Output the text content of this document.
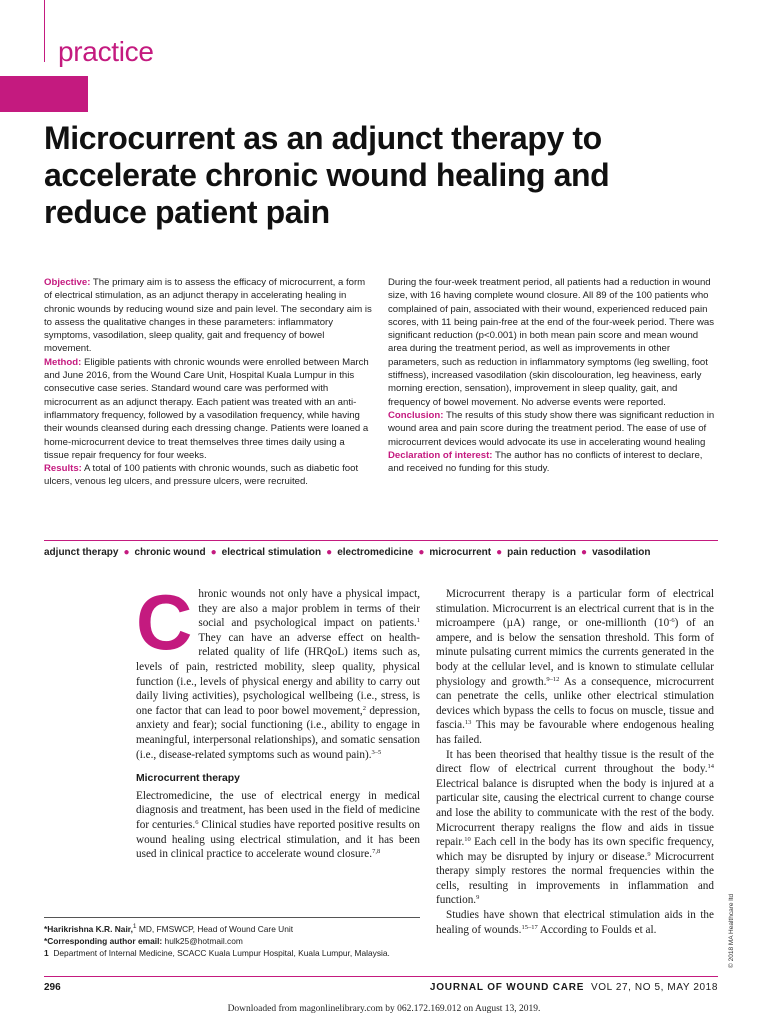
practice
Microcurrent as an adjunct therapy to accelerate chronic wound healing and reduce patient pain

Objective: The primary aim is to assess the efficacy of microcurrent, a form of electrical stimulation, as an adjunct therapy in accelerating healing in chronic wounds by reducing wound size and pain level. The secondary aim is to assess the qualitative changes in these parameters: inflammatory symptoms, vasodilation, sleep quality, gait and frequency of bowel movement.

Method: Eligible patients with chronic wounds were enrolled between March and June 2016, from the Wound Care Unit, Hospital Kuala Lumpur in this consecutive case series. Standard wound care was performed with microcurrent as an adjunct therapy. Each patient was treated with an anti-inflammatory frequency, followed by a vasodilation frequency, while having their wounds cleansed during each dressing change. Patients were loaned a home-microcurrent device to treat themselves three times daily using a tissue repair frequency for four weeks.

Results: A total of 100 patients with chronic wounds, such as diabetic foot ulcers, venous leg ulcers, and pressure ulcers, were recruited.

During the four-week treatment period, all patients had a reduction in wound size, with 16 having complete wound closure. All 89 of the 100 patients who complained of pain, associated with their wound, experienced reduced pain scores, with 11 being pain-free at the end of the four-week period. There was significant reduction (p<0.001) in both mean pain score and mean wound area during the treatment period, as well as improvements in other parameters, such as reduction in inflammatory symptoms (leg swelling, foot stiffness), increased vasodilation (skin discolouration, leg heaviness, early morning erection, sensation), improvement in sleep quality, gait, and frequency of bowel movement. No adverse events were reported.

Conclusion: The results of this study show there was significant reduction in wound area and pain score during the treatment period. The ease of use of microcurrent devices would advocate its use in accelerating wound healing

Declaration of interest: The author has no conflicts of interest to declare, and received no funding for this study.

adjunct therapy ● chronic wound ● electrical stimulation ● electromedicine ● microcurrent ● pain reduction ● vasodilation

Chronic wounds not only have a physical impact, they are also a major problem in terms of their social and psychological impact on patients.$^1$ They can have an adverse effect on health-related quality of life (HRQoL) items such as, levels of pain, restricted mobility, sleep quality, physical function (i.e., levels of physical energy and ability to carry out daily living activities), psychological wellbeing (i.e., stress, is one factor that can lead to poor bowel movement,$^2$ depression, anxiety and fear); social functioning (i.e., ability to engage in meaningful, interpersonal relationships), and somatic sensation (i.e., disease-related symptoms such as wound pain).$^{3-5}$

Microcurrent therapy

Electromedicine, the use of electrical energy in medical diagnosis and treatment, has been used in the field of medicine for centuries.$^6$ Clinical studies have reported positive results on wound healing using electrical stimulation, and it has been used in clinical practice to accelerate wound closure.$^{7,8}$

Microcurrent therapy is a particular form of electrical stimulation. Microcurrent is an electrical current that is in the microampere (µA) range, or one-millionth $(10^{-6})$ of an ampere, and is below the sensation threshold. This form of minute pulsating current mimics the currents generated in the body at the cellular level, and is known to stimulate cellular physiology and growth.$^{9-12}$ As a consequence, microcurrent can penetrate the cells, unlike other electrical stimulation devices which bypass the cells to focus on muscle, tissue and fascia.$^{13}$ This may be favourable where endogenous healing has failed.

It has been theorised that healthy tissue is the result of the direct flow of electrical current throughout the body.$^{14}$ Electrical balance is disrupted when the body is injured at a particular site, causing the electrical current to change course and lose the ability to communicate with the rest of the body. Microcurrent therapy realigns the flow and aids in tissue repair.$^{10}$ Each cell in the body has its own specific frequency, which may be disrupted by injury or disease.$^9$ Microcurrent therapy simply restores the normal frequencies within the cells, resulting in improvements in inflammation and function.$^9$

Studies have shown that electrical stimulation aids in the healing of wounds.$^{15-17}$ According to Foulds et al.

*Harikrishna K.R. Nair,$^1$ MD, FMSWCP, Head of Wound Care Unit
*Corresponding author email: hulk25@hotmail.com
1 Department of Internal Medicine, SCACC Kuala Lumpur Hospital, Kuala Lumpur, Malaysia.	© 2018 MA Healthcare ltd
296	JOURNAL OF WOUND CARE VOL 27, NO 5, MAY 2018
Downloaded from magonlinelibrary.com by 062.172.169.012 on August 13, 2019.
